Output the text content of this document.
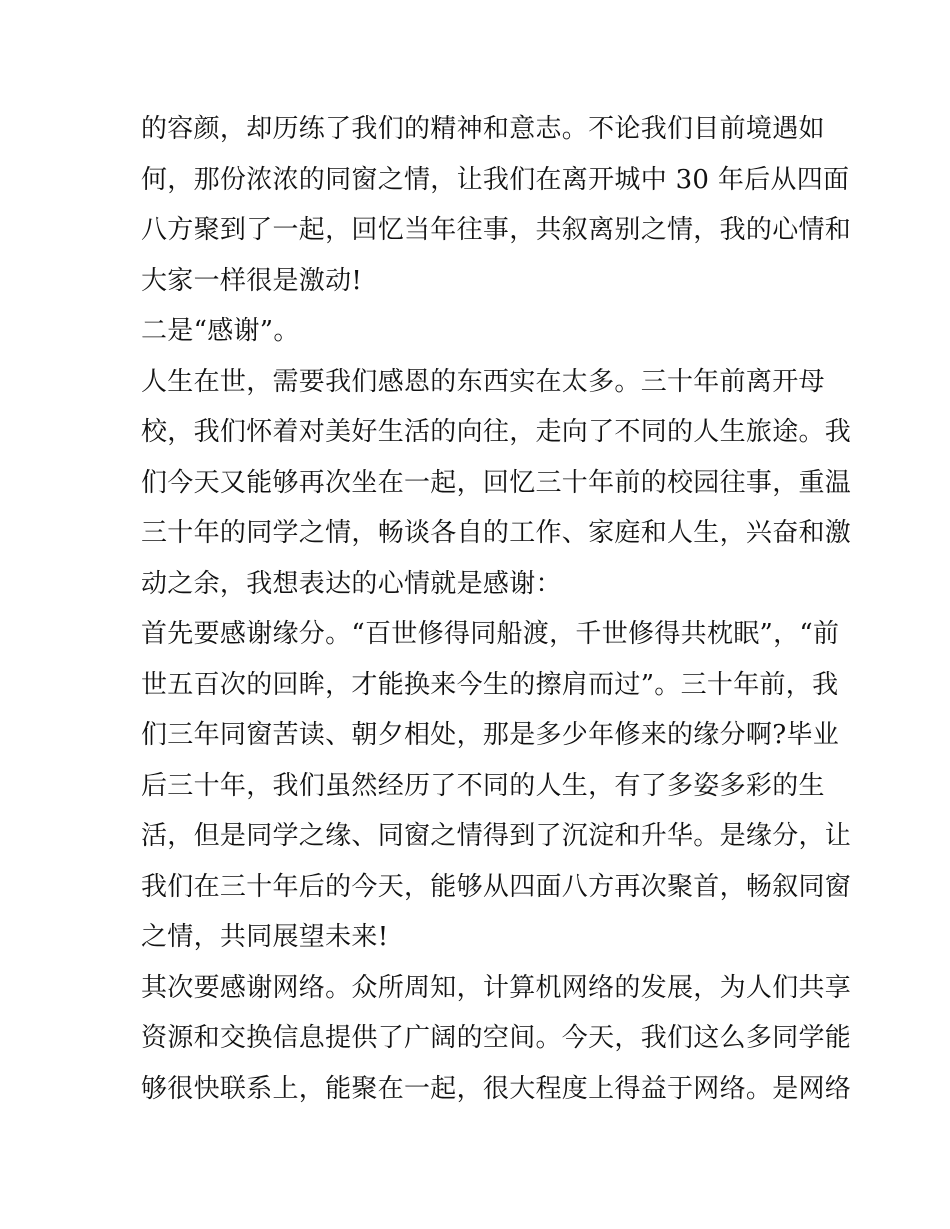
的容颜，却历练了我们的精神和意志。不论我们目前境遇如
何，那份浓浓的同窗之情，让我们在离开城中 30 年后从四面
八方聚到了一起，回忆当年往事，共叙离别之情，我的心情和
大家一样很是激动!
二是“感谢”。
人生在世，需要我们感恩的东西实在太多。三十年前离开母
校，我们怀着对美好生活的向往，走向了不同的人生旅途。我
们今天又能够再次坐在一起，回忆三十年前的校园往事，重温
三十年的同学之情，畅谈各自的工作、家庭和人生，兴奋和激
动之余，我想表达的心情就是感谢：
首先要感谢缘分。“百世修得同船渡，千世修得共枕眠”，“前
世五百次的回眸，才能换来今生的擦肩而过”。三十年前，我
们三年同窗苦读、朝夕相处，那是多少年修来的缘分啊?毕业
后三十年，我们虽然经历了不同的人生，有了多姿多彩的生
活，但是同学之缘、同窗之情得到了沉淀和升华。是缘分，让
我们在三十年后的今天，能够从四面八方再次聚首，畅叙同窗
之情，共同展望未来!
其次要感谢网络。众所周知，计算机网络的发展，为人们共享
资源和交换信息提供了广阔的空间。今天，我们这么多同学能
够很快联系上，能聚在一起，很大程度上得益于网络。是网络
